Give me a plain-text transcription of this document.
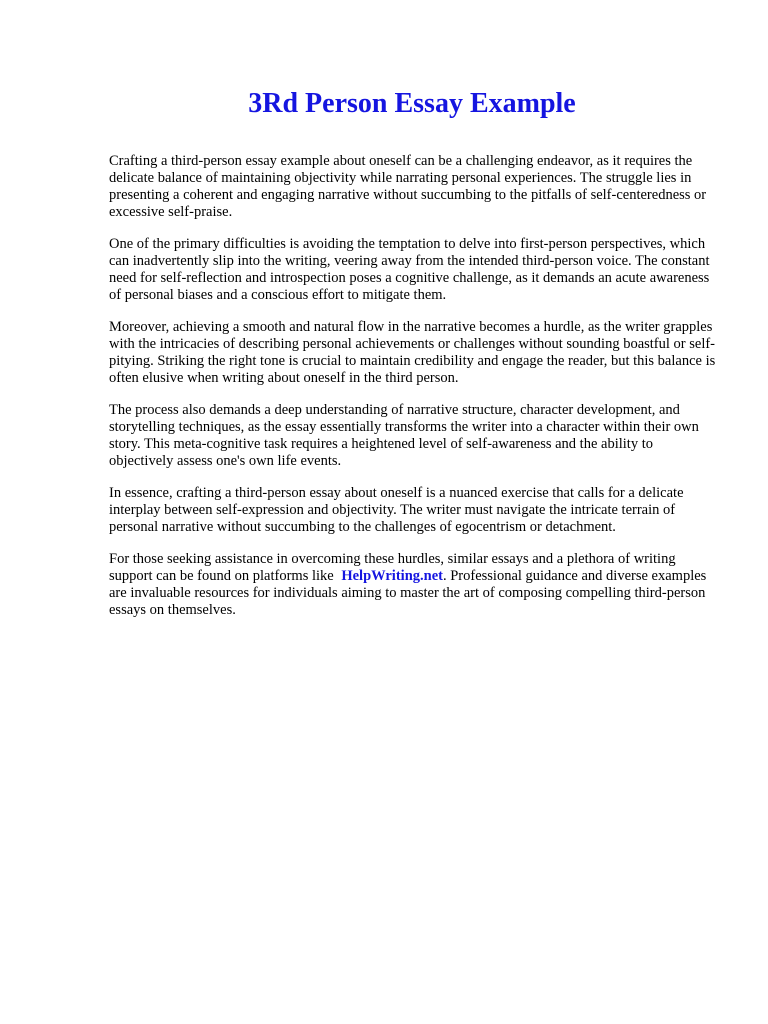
3Rd Person Essay Example

Crafting a third-person essay example about oneself can be a challenging endeavor, as it requires the delicate balance of maintaining objectivity while narrating personal experiences. The struggle lies in presenting a coherent and engaging narrative without succumbing to the pitfalls of self-centeredness or excessive self-praise.

One of the primary difficulties is avoiding the temptation to delve into first-person perspectives, which can inadvertently slip into the writing, veering away from the intended third-person voice. The constant need for self-reflection and introspection poses a cognitive challenge, as it demands an acute awareness of personal biases and a conscious effort to mitigate them.

Moreover, achieving a smooth and natural flow in the narrative becomes a hurdle, as the writer grapples with the intricacies of describing personal achievements or challenges without sounding boastful or self-pitying. Striking the right tone is crucial to maintain credibility and engage the reader, but this balance is often elusive when writing about oneself in the third person.

The process also demands a deep understanding of narrative structure, character development, and storytelling techniques, as the essay essentially transforms the writer into a character within their own story. This meta-cognitive task requires a heightened level of self-awareness and the ability to objectively assess one's own life events.

In essence, crafting a third-person essay about oneself is a nuanced exercise that calls for a delicate interplay between self-expression and objectivity. The writer must navigate the intricate terrain of personal narrative without succumbing to the challenges of egocentrism or detachment.

For those seeking assistance in overcoming these hurdles, similar essays and a plethora of writing support can be found on platforms like HelpWriting.net. Professional guidance and diverse examples are invaluable resources for individuals aiming to master the art of composing compelling third-person essays on themselves.
